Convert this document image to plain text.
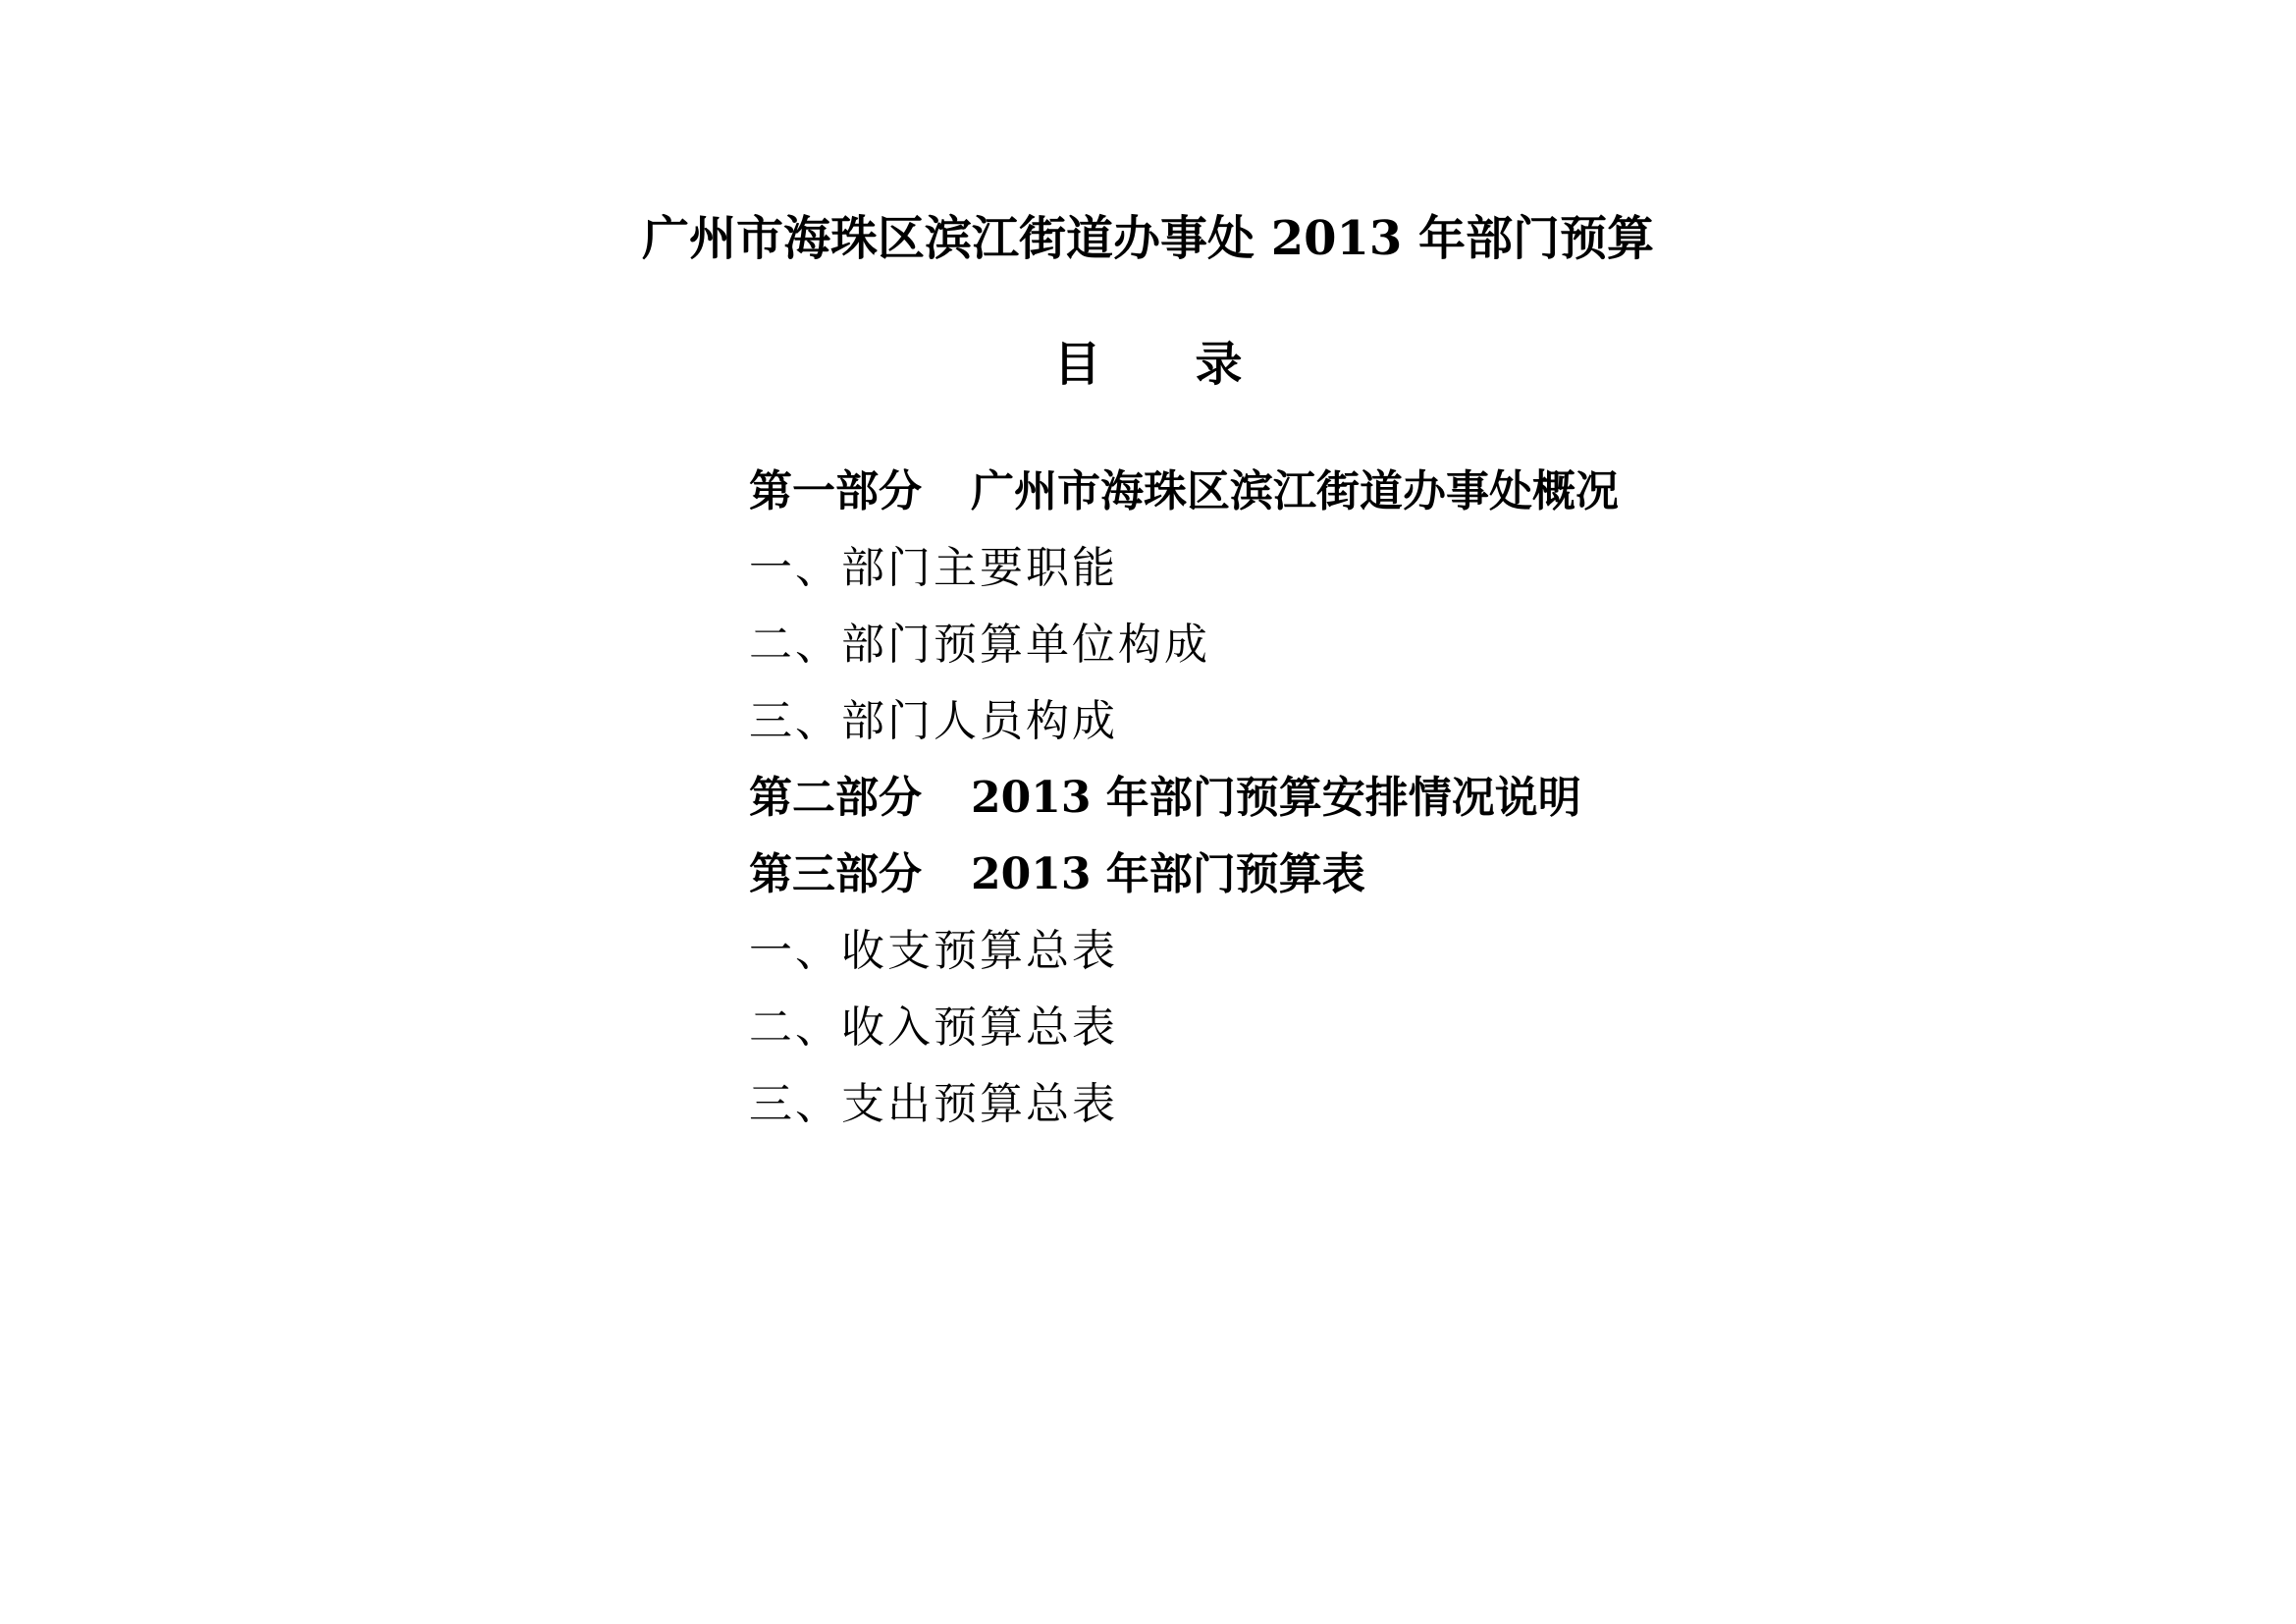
广州市海珠区滨江街道办事处 2013 年部门预算
目　　录
第一部分 广州市海珠区滨江街道办事处概况
一、部门主要职能
二、部门预算单位构成
三、部门人员构成
第二部分 2013 年部门预算安排情况说明
第三部分 2013 年部门预算表
一、收支预算总表
二、收入预算总表
三、支出预算总表
